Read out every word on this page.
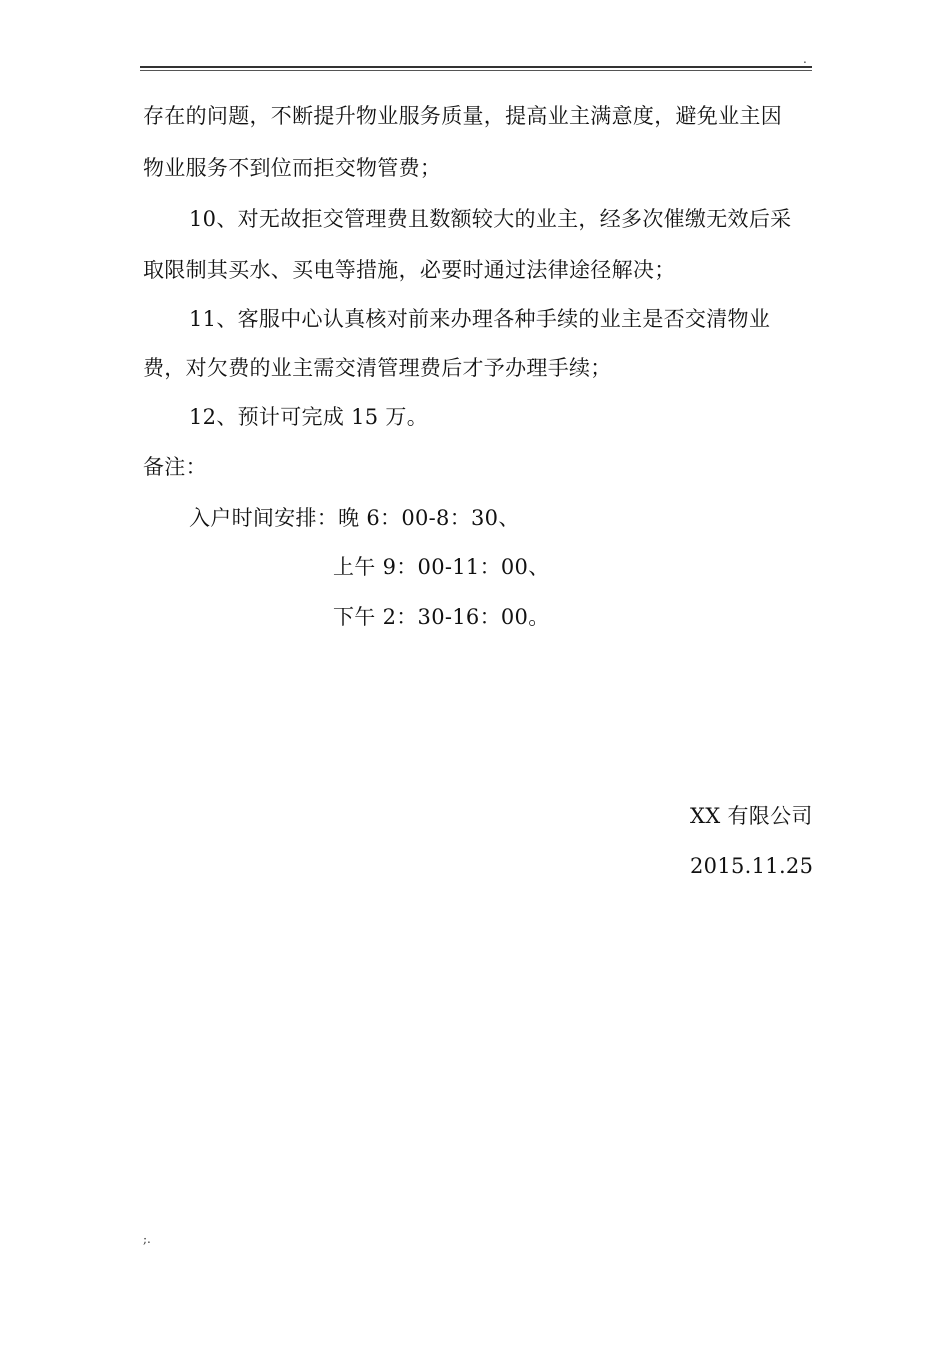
.
存在的问题，不断提升物业服务质量，提高业主满意度，避免业主因
物业服务不到位而拒交物管费；
10、对无故拒交管理费且数额较大的业主，经多次催缴无效后采
取限制其买水、买电等措施，必要时通过法律途径解决；
11、客服中心认真核对前来办理各种手续的业主是否交清物业
费，对欠费的业主需交清管理费后才予办理手续；
12、预计可完成 15 万。
备注：
入户时间安排：晚 6：00-8：30、
上午 9：00-11：00、
下午 2：30-16：00。
XX 有限公司
2015.11.25
;.
